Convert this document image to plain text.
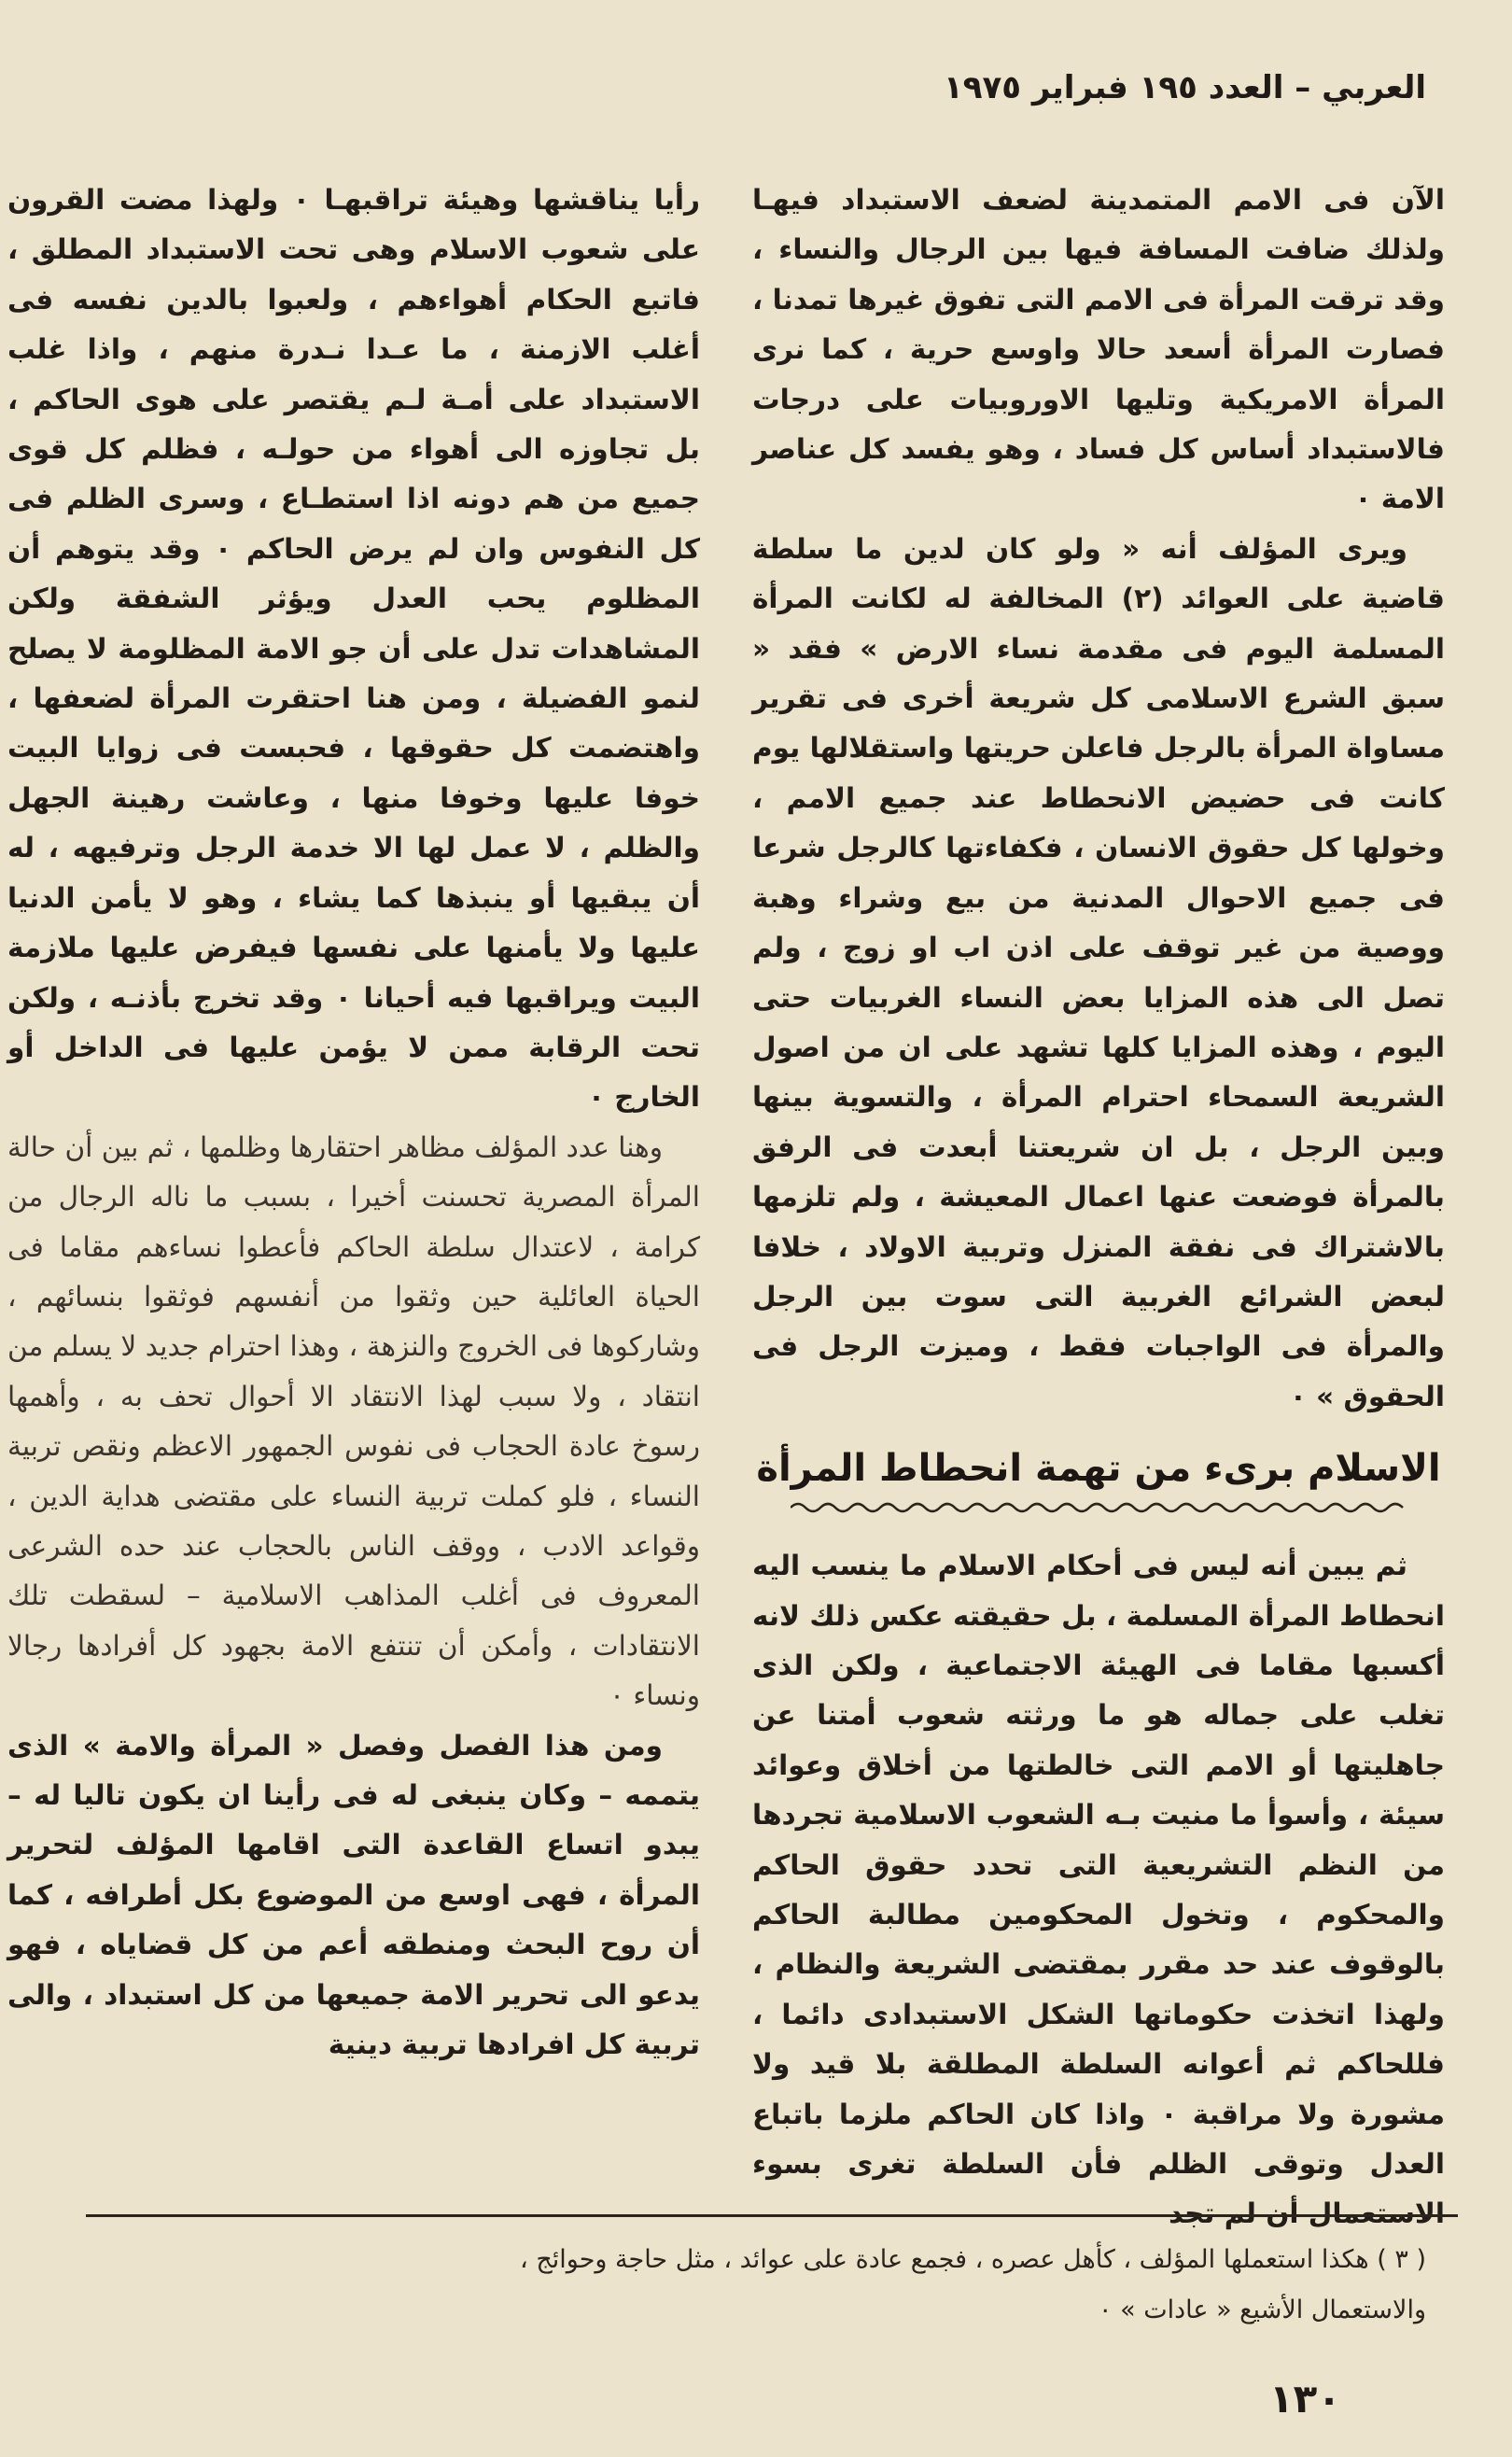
العربي – العدد ١٩٥ فبراير ١٩٧٥

الآن فى الامم المتمدينة لضعف الاستبداد فيهـا ولذلك ضافت المسافة فيها بين الرجال والنساء ، وقد ترقت المرأة فى الامم التى تفوق غيرها تمدنا ، فصارت المرأة أسعد حالا واوسع حرية ، كما نرى المرأة الامريكية وتليها الاوروبيات على درجات فالاستبداد أساس كل فساد ، وهو يفسد كل عناصر الامة ٠

ويرى المؤلف أنه « ولو كان لدين ما سلطة قاضية على العوائد (٢) المخالفة له لكانت المرأة المسلمة اليوم فى مقدمة نساء الارض » فقد « سبق الشرع الاسلامى كل شريعة أخرى فى تقرير مساواة المرأة بالرجل فاعلن حريتها واستقلالها يوم كانت فى حضيض الانحطاط عند جميع الامم ، وخولها كل حقوق الانسان ، فكفاءتها كالرجل شرعا فى جميع الاحوال المدنية من بيع وشراء وهبة ووصية من غير توقف على اذن اب او زوج ، ولم تصل الى هذه المزايا بعض النساء الغربيات حتى اليوم ، وهذه المزايا كلها تشهد على ان من اصول الشريعة السمحاء احترام المرأة ، والتسوية بينها وبين الرجل ، بل ان شريعتنا أبعدت فى الرفق بالمرأة فوضعت عنها اعمال المعيشة ، ولم تلزمها بالاشتراك فى نفقة المنزل وتربية الاولاد ، خلافا لبعض الشرائع الغربية التى سوت بين الرجل والمرأة فى الواجبات فقط ، وميزت الرجل فى الحقوق » ٠

الاسلام برىء من تهمة انحطاط المرأة

ثم يبين أنه ليس فى أحكام الاسلام ما ينسب اليه انحطاط المرأة المسلمة ، بل حقيقته عكس ذلك لانه أكسبها مقاما فى الهيئة الاجتماعية ، ولكن الذى تغلب على جماله هو ما ورثته شعوب أمتنا عن جاهليتها أو الامم التى خالطتها من أخلاق وعوائد سيئة ، وأسوأ ما منيت بـه الشعوب الاسلامية تجردها من النظم التشريعية التى تحدد حقوق الحاكم والمحكوم ، وتخول المحكومين مطالبة الحاكم بالوقوف عند حد مقرر بمقتضى الشريعة والنظام ، ولهذا اتخذت حكوماتها الشكل الاستبدادى دائما ، فللحاكم ثم أعوانه السلطة المطلقة بلا قيد ولا مشورة ولا مراقبة ٠ واذا كان الحاكم ملزما باتباع العدل وتوقى الظلم فأن السلطة تغرى بسوء الاستعمال أن لم تجد

رأيا يناقشها وهيئة تراقبهـا ٠ ولهذا مضت القرون على شعوب الاسلام وهى تحت الاستبداد المطلق ، فاتبع الحكام أهواءهم ، ولعبوا بالدين نفسه فى أغلب الازمنة ، ما عـدا نـدرة منهم ، واذا غلب الاستبداد على أمـة لـم يقتصر على هوى الحاكم ، بل تجاوزه الى أهواء من حولـه ، فظلم كل قوى جميع من هم دونه اذا استطـاع ، وسرى الظلم فى كل النفوس وان لم يرض الحاكم ٠ وقد يتوهم أن المظلوم يحب العدل ويؤثر الشفقة ولكن المشاهدات تدل على أن جو الامة المظلومة لا يصلح لنمو الفضيلة ، ومن هنا احتقرت المرأة لضعفها ، واهتضمت كل حقوقها ، فحبست فى زوايا البيت خوفا عليها وخوفا منها ، وعاشت رهينة الجهل والظلم ، لا عمل لها الا خدمة الرجل وترفيهه ، له أن يبقيها أو ينبذها كما يشاء ، وهو لا يأمن الدنيا عليها ولا يأمنها على نفسها فيفرض عليها ملازمة البيت ويراقبها فيه أحيانا ٠ وقد تخرج بأذنـه ، ولكن تحت الرقابة ممن لا يؤمن عليها فى الداخل أو الخارج ٠

وهنا عدد المؤلف مظاهر احتقارها وظلمها ، ثم بين أن حالة المرأة المصرية تحسنت أخيرا ، بسبب ما ناله الرجال من كرامة ، لاعتدال سلطة الحاكم فأعطوا نساءهم مقاما فى الحياة العائلية حين وثقوا من أنفسهم فوثقوا بنسائهم ، وشاركوها فى الخروج والنزهة ، وهذا احترام جديد لا يسلم من انتقاد ، ولا سبب لهذا الانتقاد الا أحوال تحف به ، وأهمها رسوخ عادة الحجاب فى نفوس الجمهور الاعظم ونقص تربية النساء ، فلو كملت تربية النساء على مقتضى هداية الدين ، وقواعد الادب ، ووقف الناس بالحجاب عند حده الشرعى المعروف فى أغلب المذاهب الاسلامية – لسقطت تلك الانتقادات ، وأمكن أن تنتفع الامة بجهود كل أفرادها رجالا ونساء ٠

ومن هذا الفصل وفصل « المرأة والامة » الذى يتممه – وكان ينبغى له فى رأينا ان يكون تاليا له – يبدو اتساع القاعدة التى اقامها المؤلف لتحرير المرأة ، فهى اوسع من الموضوع بكل أطرافه ، كما أن روح البحث ومنطقه أعم من كل قضاياه ، فهو يدعو الى تحرير الامة جميعها من كل استبداد ، والى تربية كل افرادها تربية دينية

( ٣ ) هكذا استعملها المؤلف ، كأهل عصره ، فجمع عادة على عوائد ، مثل حاجة وحوائج ،

والاستعمال الأشيع « عادات » ٠

١٣٠
